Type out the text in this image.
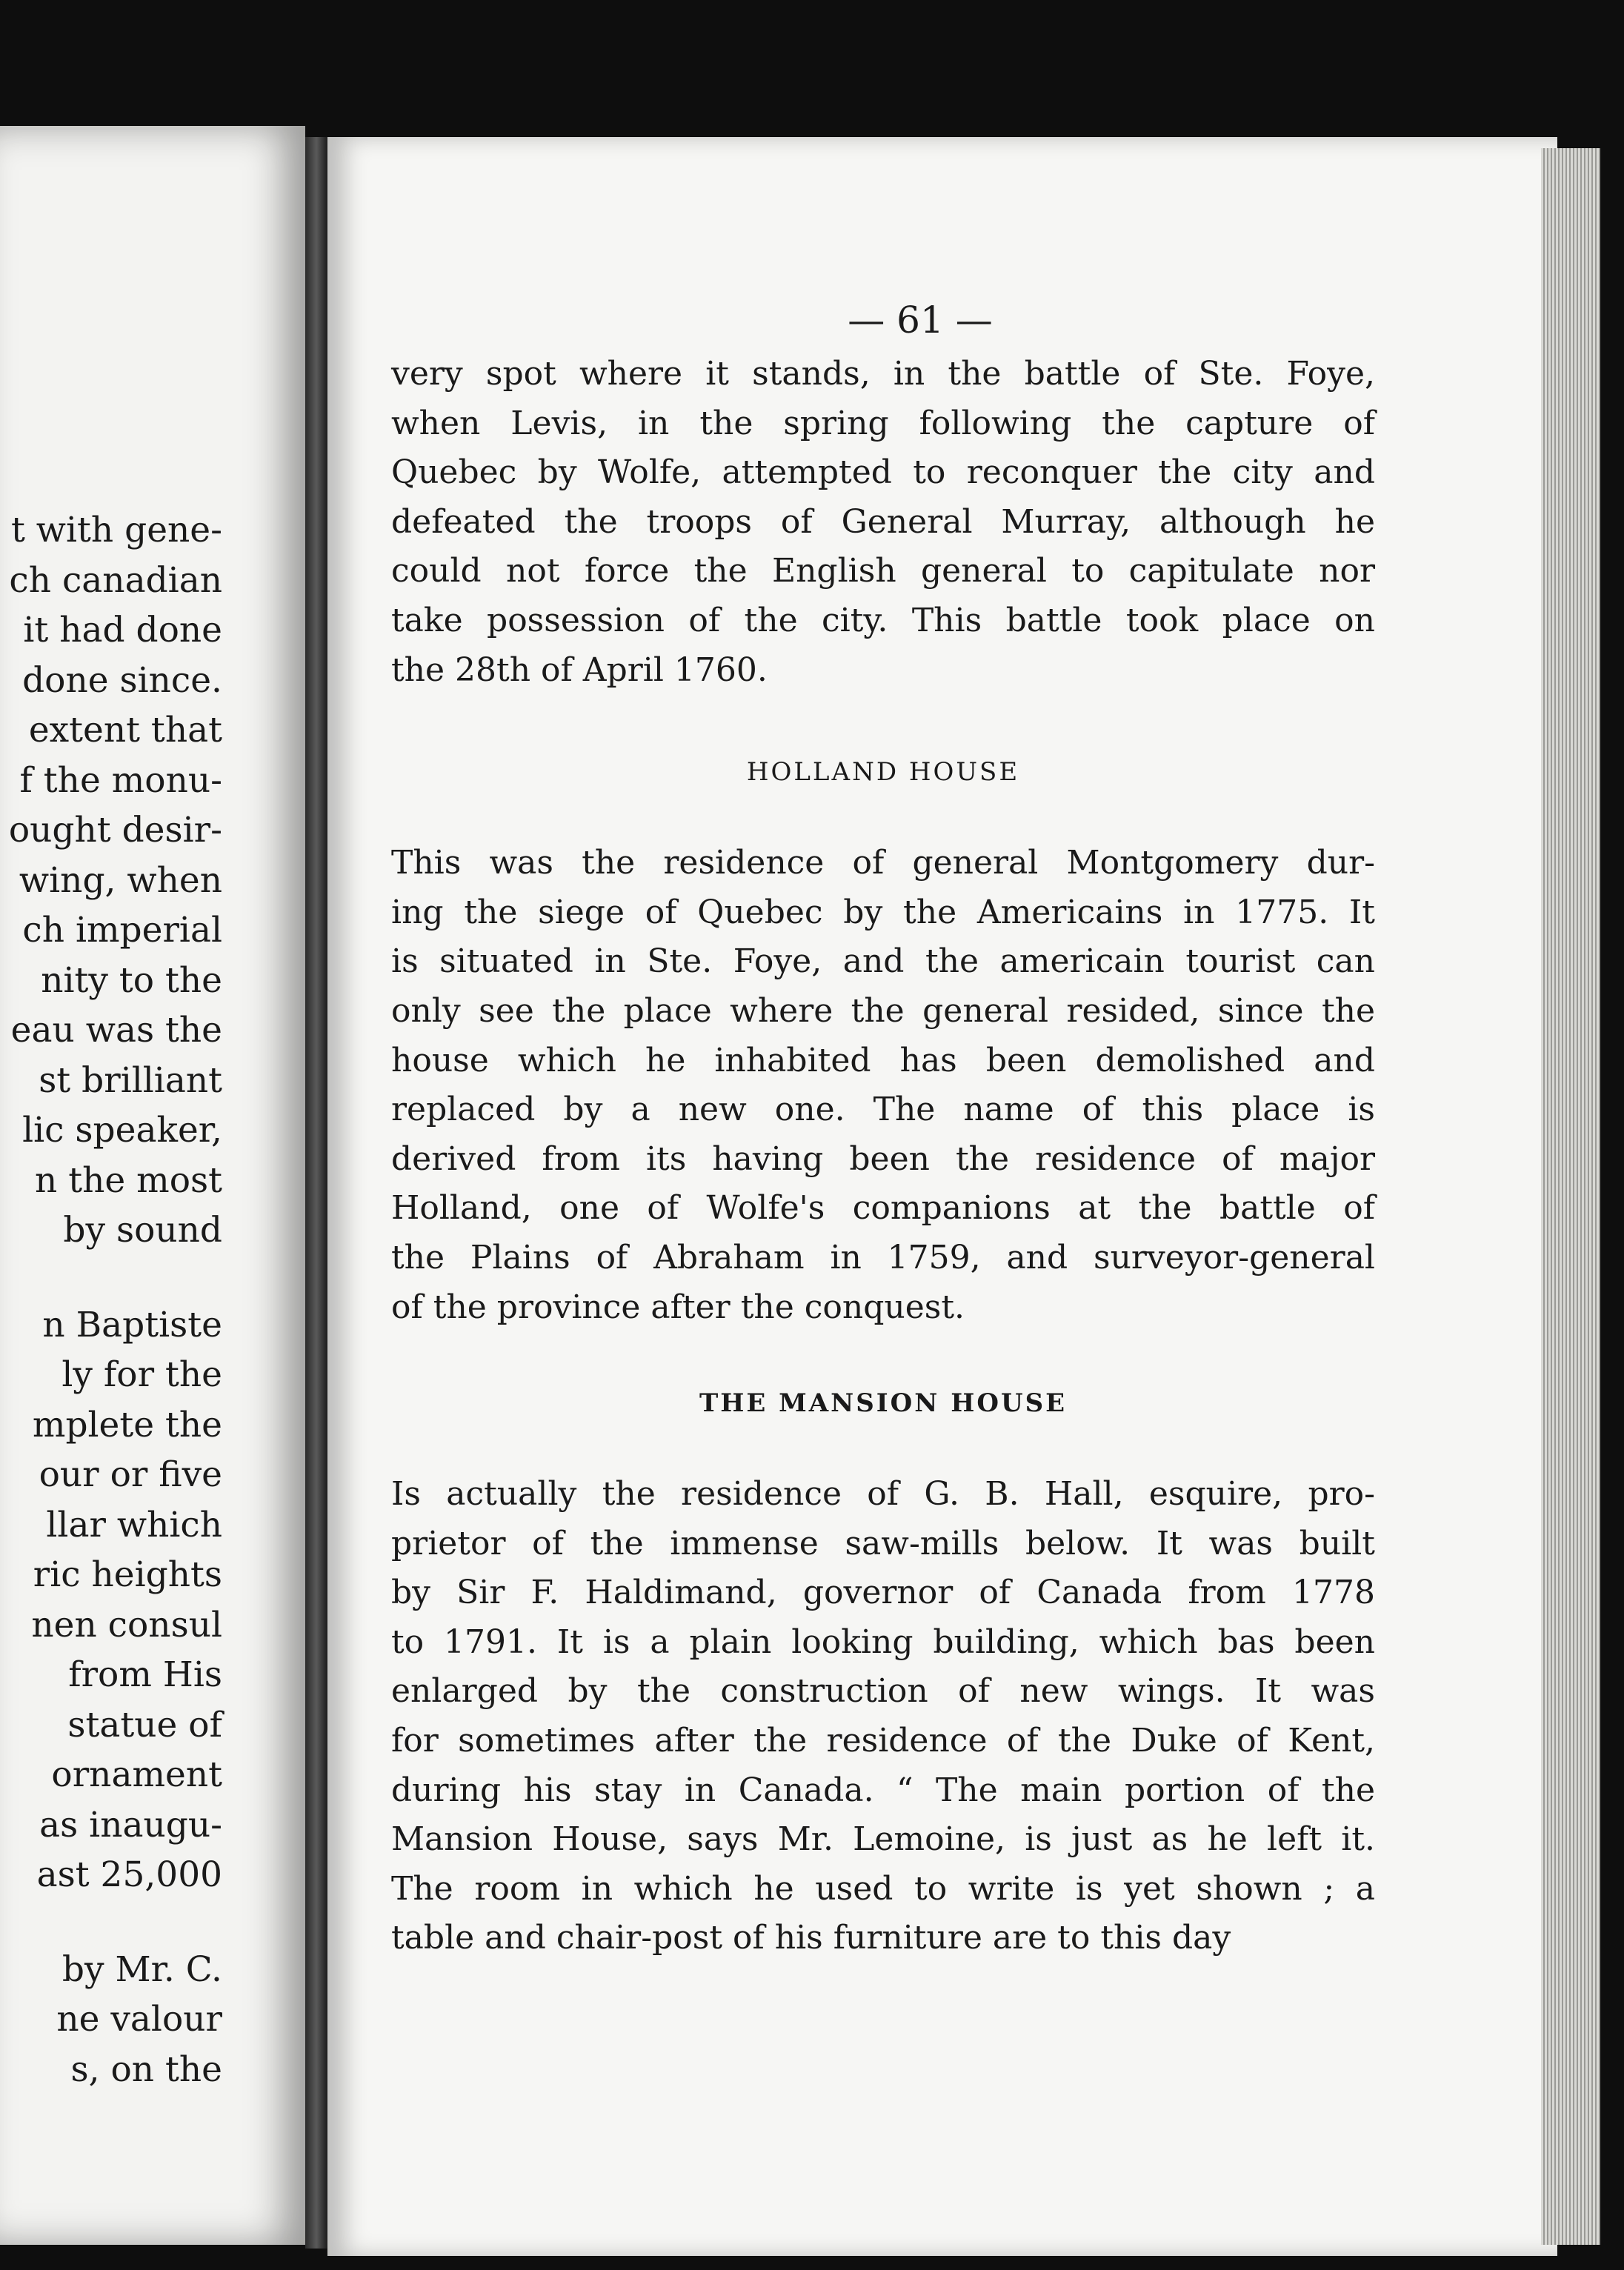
t with gene-
ch canadian
it had done
done since.
extent that
f the monu-
ought desir-
wing, when
ch imperial
nity to the
eau was the
st brilliant
lic speaker,
n the most
by sound
n Baptiste
ly for the
mplete the
our or five
llar which
ric heights
nen consul
from His
statue of
ornament
as inaugu-
ast 25,000
by Mr. C.
ne valour
s, on the
— 61 —

very spot where it stands, in the battle of Ste. Foye,
when Levis, in the spring following the capture of
Quebec by Wolfe, attempted to reconquer the city and
defeated the troops of General Murray, although he
could not force the English general to capitulate nor
take possession of the city. This battle took place on
the 28th of April 1760.

HOLLAND HOUSE

This was the residence of general Montgomery dur-
ing the siege of Quebec by the Americains in 1775. It
is situated in Ste. Foye, and the americain tourist can
only see the place where the general resided, since the
house which he inhabited has been demolished and
replaced by a new one. The name of this place is
derived from its having been the residence of major
Holland, one of Wolfe's companions at the battle of
the Plains of Abraham in 1759, and surveyor-general
of the province after the conquest.

THE MANSION HOUSE

Is actually the residence of G. B. Hall, esquire, pro-
prietor of the immense saw-mills below. It was built
by Sir F. Haldimand, governor of Canada from 1778
to 1791. It is a plain looking building, which bas been
enlarged by the construction of new wings. It was
for sometimes after the residence of the Duke of Kent,
during his stay in Canada. “ The main portion of the
Mansion House, says Mr. Lemoine, is just as he left it.
The room in which he used to write is yet shown ; a
table and chair-post of his furniture are to this day
